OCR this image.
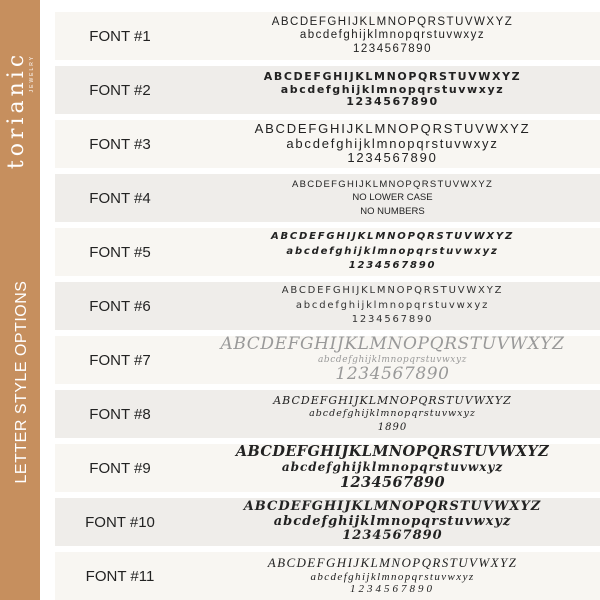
torianic JEWELRY
LETTER STYLE OPTIONS
FONT #1
ABCDEFGHIJKLMNOPQRSTUVWXYZ
abcdefghijklmnopqrstuvwxyz
1234567890
FONT #2
ABCDEFGHIJKLMNOPQRSTUVWXYZ
abcdefghijklmnopqrstuvwxyz
1234567890
FONT #3
ABCDEFGHIJKLMNOPQRSTUVWXYZ
abcdefghijklmnopqrstuvwxyz
1234567890
FONT #4
ABCDEFGHIJKLMNOPQRSTUVWXYZ
NO LOWER CASE
NO NUMBERS
FONT #5
ABCDEFGHIJKLMNOPQRSTUVWXYZ
abcdefghijklmnopqrstuvwxyz
1234567890
FONT #6
ABCDEFGHIJKLMNOPQRSTUVWXYZ
abcdefghijklmnopqrstuvwxyz
1234567890
FONT #7
ABCDEFGHIJKLMNOPQRSTUVWXYZ
abcdefghijklmnopqrstuvwxyz
1234567890
FONT #8
ABCDEFGHIJKLMNOPQRSTUVWXYZ
abcdefghijklmnopqrstuvwxyz
1890
FONT #9
ABCDEFGHIJKLMNOPQRSTUVWXYZ
abcdefghijklmnopqrstuvwxyz
1234567890
FONT #10
ABCDEFGHIJKLMNOPQRSTUVWXYZ
abcdefghijklmnopqrstuvwxyz
1234567890
FONT #11
ABCDEFGHIJKLMNOPQRSTUVWXYZ
abcdefghijklmnopqrstuvwxyz
1234567890
